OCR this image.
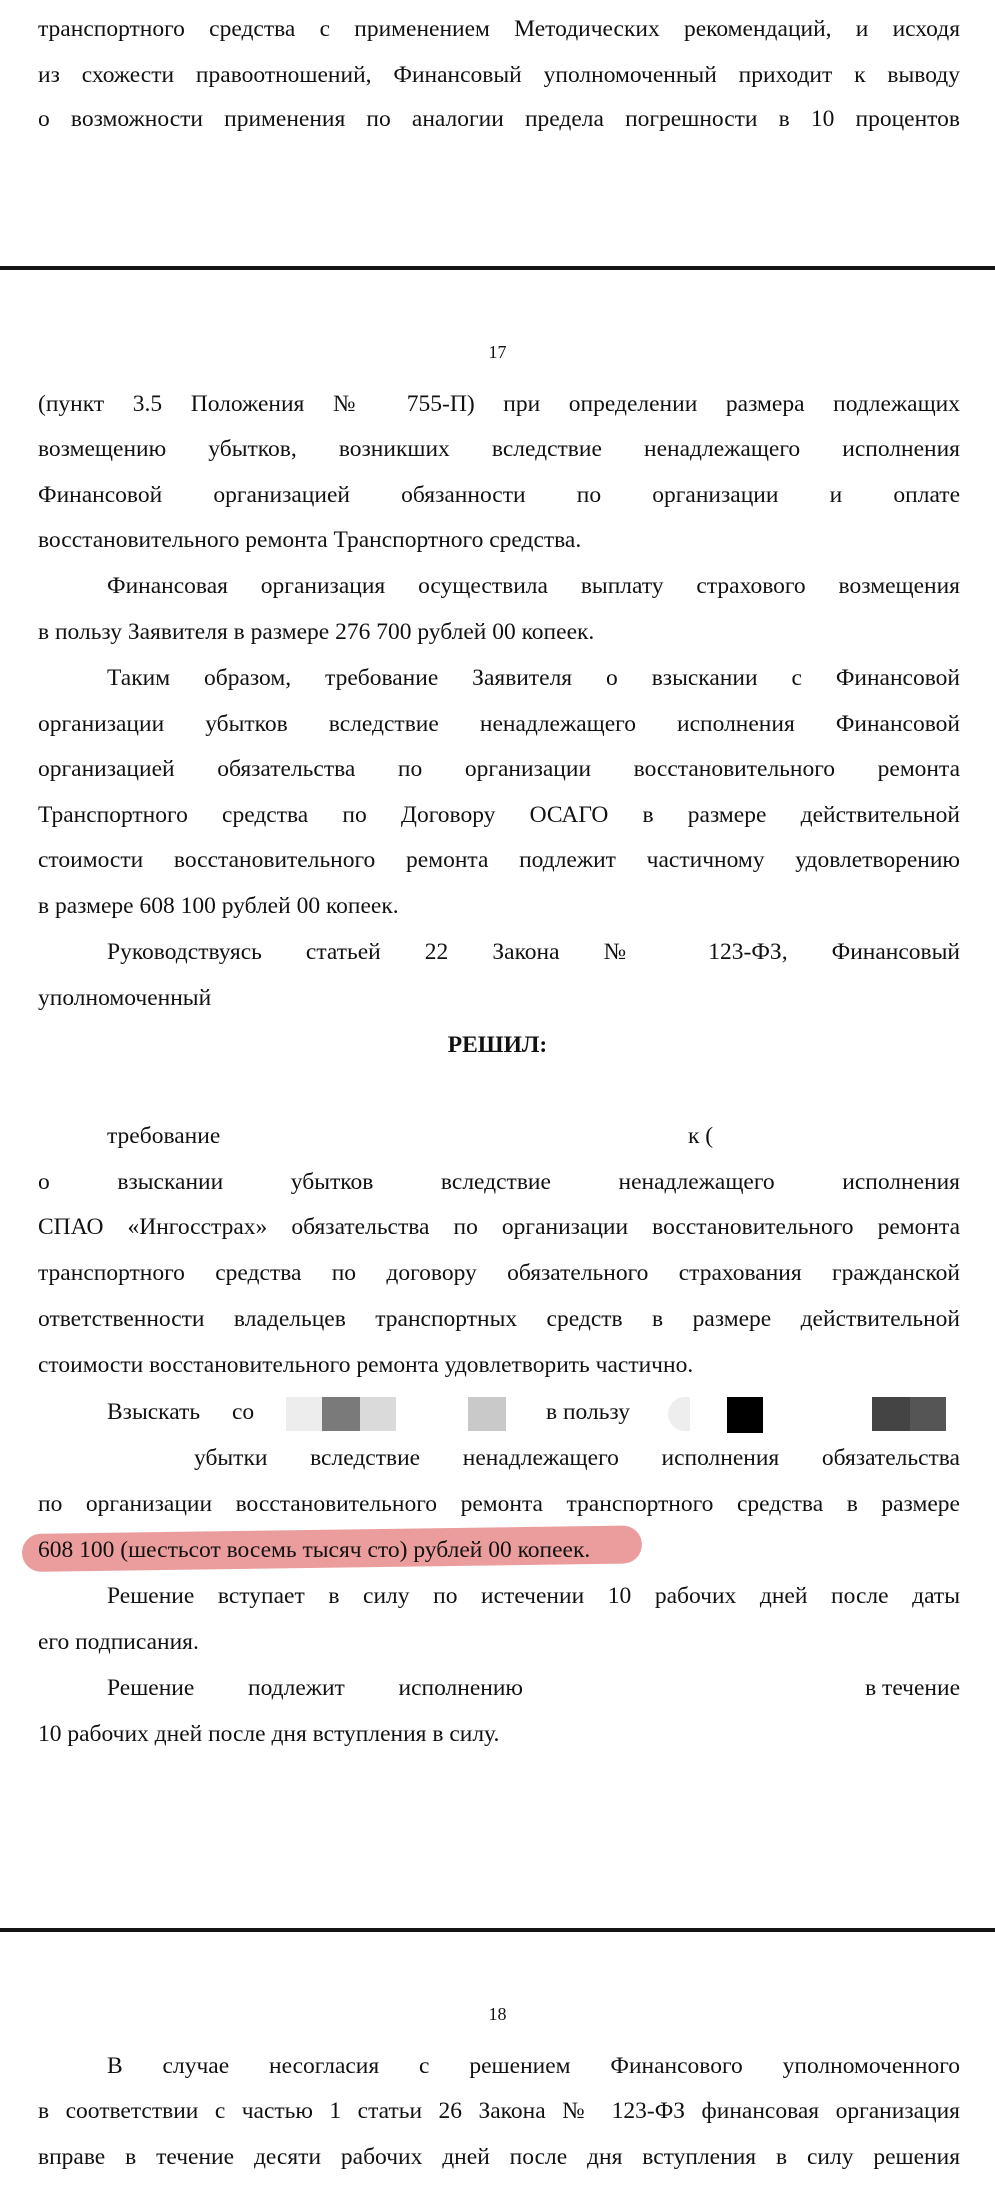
транспортного средства с применением Методических рекомендаций, и исходя
из схожести правоотношений, Финансовый уполномоченный приходит к выводу
о возможности применения по аналогии предела погрешности в 10 процентов
17
(пункт 3.5 Положения № 755-П) при определении размера подлежащих
возмещению убытков, возникших вследствие ненадлежащего исполнения
Финансовой организацией обязанности по организации и оплате
восстановительного ремонта Транспортного средства.
Финансовая организация осуществила выплату страхового возмещения
в пользу Заявителя в размере 276 700 рублей 00 копеек.
Таким образом, требование Заявителя о взыскании с Финансовой
организации убытков вследствие ненадлежащего исполнения Финансовой
организацией обязательства по организации восстановительного ремонта
Транспортного средства по Договору ОСАГО в размере действительной
стоимости восстановительного ремонта подлежит частичному удовлетворению
в размере 608 100 рублей 00 копеек.
Руководствуясь статьей 22 Закона № 123-ФЗ, Финансовый
уполномоченный
РЕШИЛ:
требование	к (
о взыскании убытков вследствие ненадлежащего исполнения
СПАО «Ингосстрах» обязательства по организации восстановительного ремонта
транспортного средства по договору обязательного страхования гражданской
ответственности владельцев транспортных средств в размере действительной
стоимости восстановительного ремонта удовлетворить частично.
Взыскать	со	в пользу
убытки вследствие ненадлежащего исполнения обязательства
по организации восстановительного ремонта транспортного средства в размере
608 100 (шестьсот восемь тысяч сто) рублей 00 копеек.
Решение вступает в силу по истечении 10 рабочих дней после даты
его подписания.
Решение подлежит исполнению	в течение
10 рабочих дней после дня вступления в силу.
18
В случае несогласия с решением Финансового уполномоченного
в соответствии с частью 1 статьи 26 Закона № 123-ФЗ финансовая организация
вправе в течение десяти рабочих дней после дня вступления в силу решения
